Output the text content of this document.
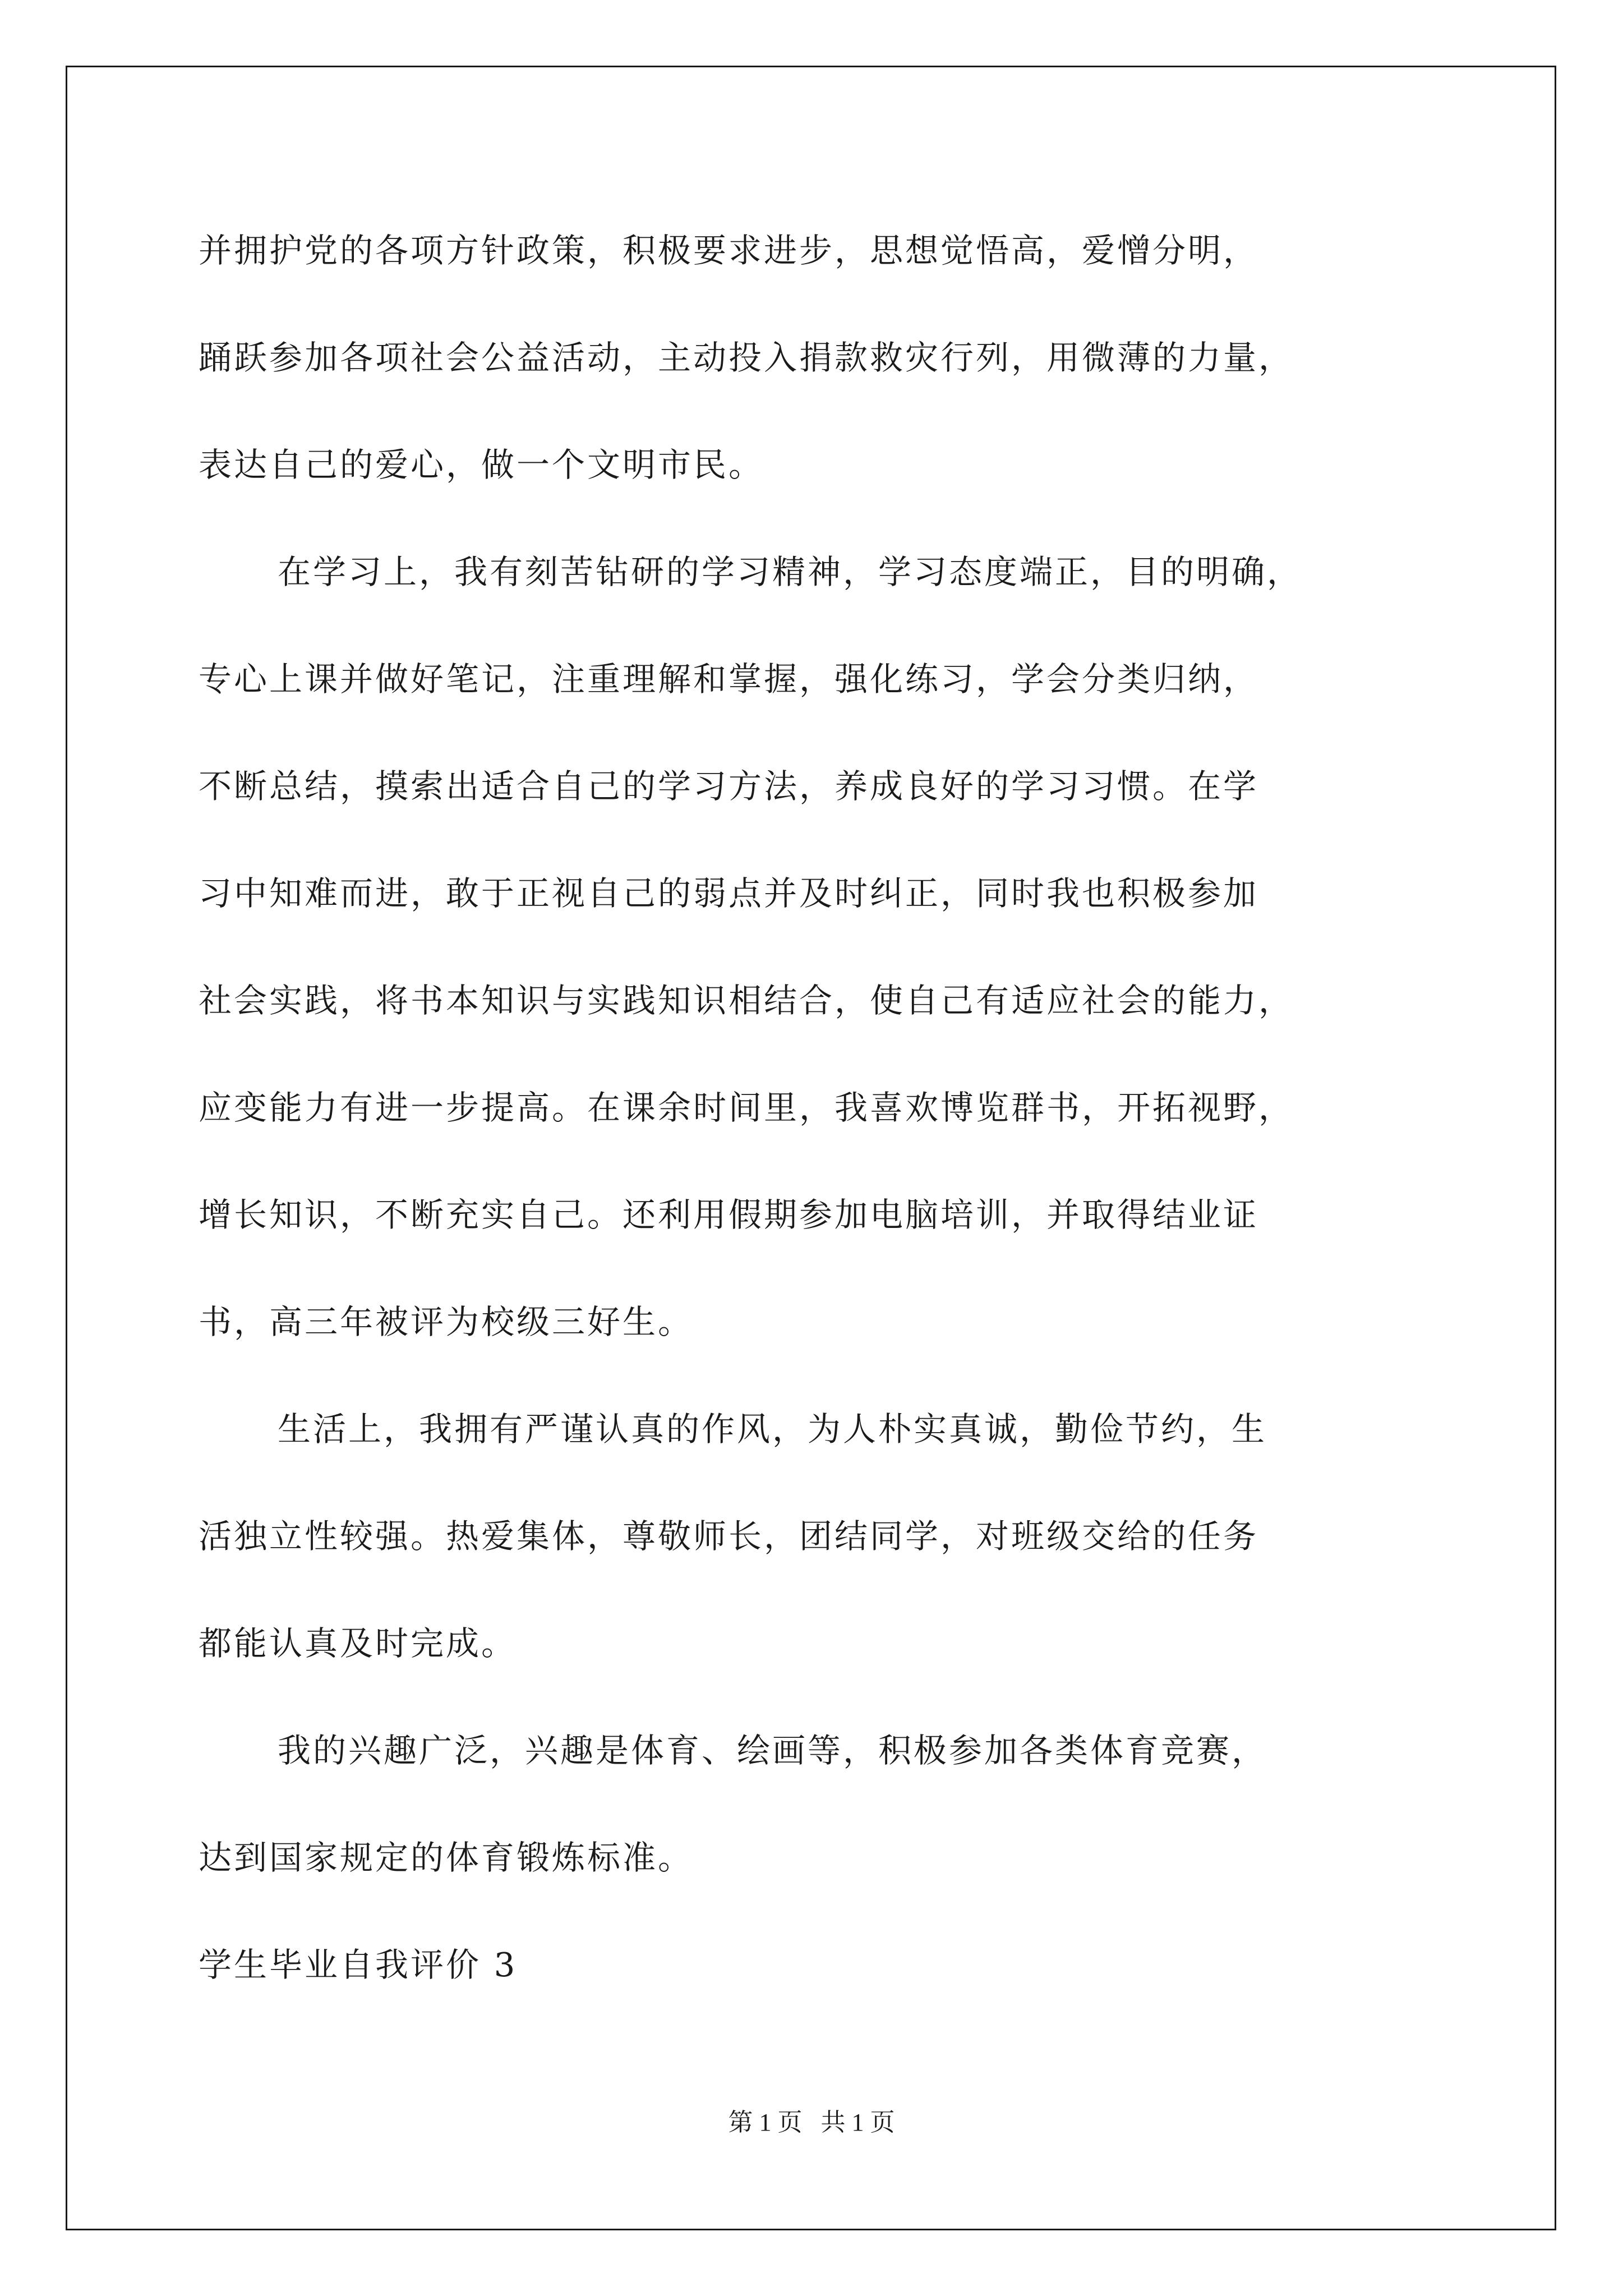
并拥护党的各项方针政策，积极要求进步，思想觉悟高，爱憎分明，

踊跃参加各项社会公益活动，主动投入捐款救灾行列，用微薄的力量，

表达自己的爱心，做一个文明市民。

在学习上，我有刻苦钻研的学习精神，学习态度端正，目的明确，

专心上课并做好笔记，注重理解和掌握，强化练习，学会分类归纳，

不断总结，摸索出适合自己的学习方法，养成良好的学习习惯。在学

习中知难而进，敢于正视自己的弱点并及时纠正，同时我也积极参加

社会实践，将书本知识与实践知识相结合，使自己有适应社会的能力，

应变能力有进一步提高。在课余时间里，我喜欢博览群书，开拓视野，

增长知识，不断充实自己。还利用假期参加电脑培训，并取得结业证

书，高三年被评为校级三好生。

生活上，我拥有严谨认真的作风，为人朴实真诚，勤俭节约，生

活独立性较强。热爱集体，尊敬师长，团结同学，对班级交给的任务

都能认真及时完成。

我的兴趣广泛，兴趣是体育、绘画等，积极参加各类体育竞赛，

达到国家规定的体育锻炼标准。

学生毕业自我评价 3

第 1 页   共 1 页
